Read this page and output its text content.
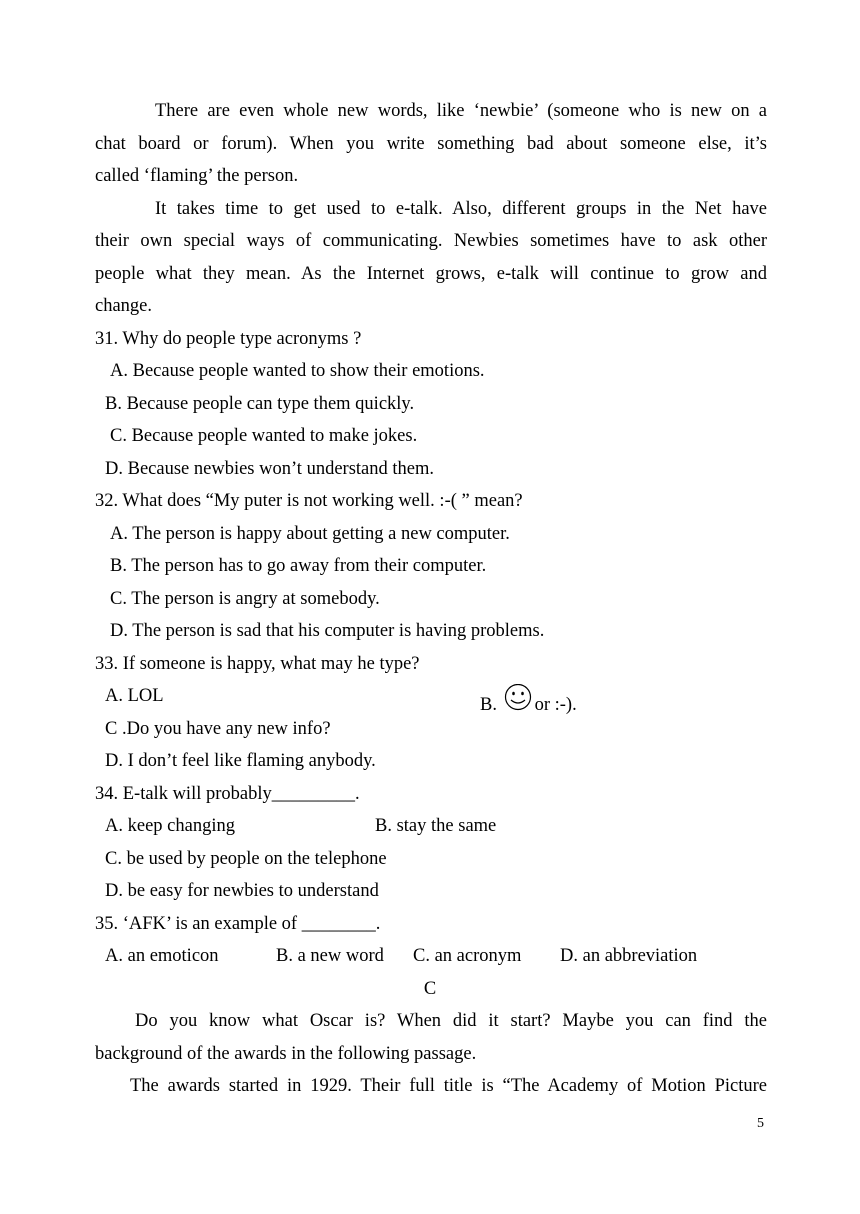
There are even whole new words, like ‘newbie’ (someone who is new on a
chat board or forum). When you write something bad about someone else, it’s
called ‘flaming’ the person.
It takes time to get used to e-talk. Also, different groups in the Net have
their own special ways of communicating. Newbies sometimes have to ask other
people what they mean. As the Internet grows, e-talk will continue to grow and
change.
31. Why do people type acronyms ?
A. Because people wanted to show their emotions.
B. Because people can type them quickly.
C. Because people wanted to make jokes.
D. Because newbies won’t understand them.
32. What does “My puter is not working well. :-( ” mean?
A. The person is happy about getting a new computer.
B. The person has to go away from their computer.
C. The person is angry at somebody.
D. The person is sad that his computer is having problems.
33. If someone is happy, what may he type?
A. LOL	B. or :-).
C .Do you have any new info?
D. I don’t feel like flaming anybody.
34. E-talk will probably_________.
A. keep changing	B. stay the same
C. be used by people on the telephone
D. be easy for newbies to understand
35. ‘AFK’ is an example of ________.
A. an emoticon	B. a new word C. an acronym D. an abbreviation
C
Do you know what Oscar is? When did it start? Maybe you can find the
background of the awards in the following passage.
The awards started in 1929. Their full title is “The Academy of Motion Picture
5
